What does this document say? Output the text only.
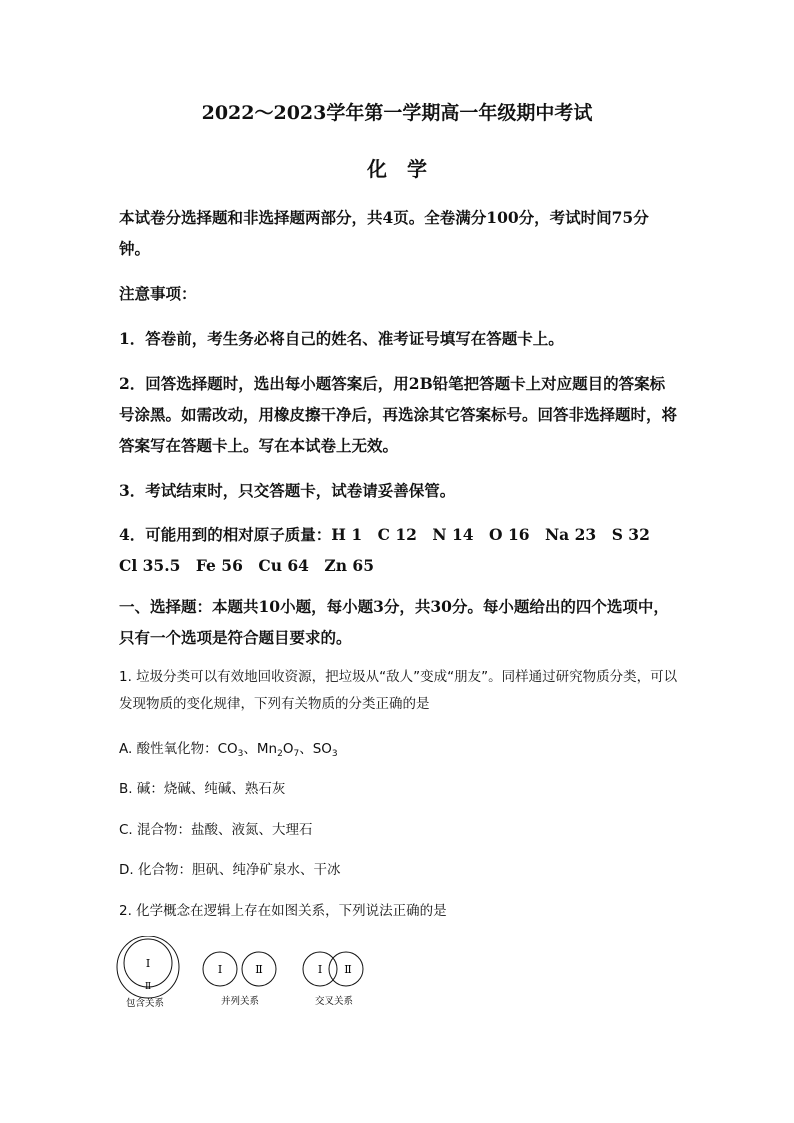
2022～2023学年第一学期高一年级期中考试
化　学
本试卷分选择题和非选择题两部分，共4页。全卷满分100分，考试时间75分钟。
注意事项：
1．答卷前，考生务必将自己的姓名、准考证号填写在答题卡上。
2．回答选择题时，选出每小题答案后，用2B铅笔把答题卡上对应题目的答案标号涂黑。如需改动，用橡皮擦干净后，再选涂其它答案标号。回答非选择题时，将答案写在答题卡上。写在本试卷上无效。
3．考试结束时，只交答题卡，试卷请妥善保管。
4．可能用到的相对原子质量：H 1　C 12　N 14　O 16　Na 23　S 32　Cl 35.5　Fe 56　Cu 64　Zn 65
一、选择题：本题共10小题，每小题3分，共30分。每小题给出的四个选项中，只有一个选项是符合题目要求的。
1. 垃圾分类可以有效地回收资源，把垃圾从“敌人”变成“朋友”。同样通过研究物质分类，可以发现物质的变化规律，下列有关物质的分类正确的是
A. 酸性氧化物：$CO_3$、$Mn_2O_7$、$SO_3$
B. 碱：烧碱、纯碱、熟石灰
C. 混合物：盐酸、液氮、大理石
D. 化合物：胆矾、纯净矿泉水、干冰
2. 化学概念在逻辑上存在如图关系，下列说法正确的是
Ⅰ
Ⅱ
包含关系
Ⅰ	Ⅱ
并列关系
Ⅰ Ⅱ
交叉关系
